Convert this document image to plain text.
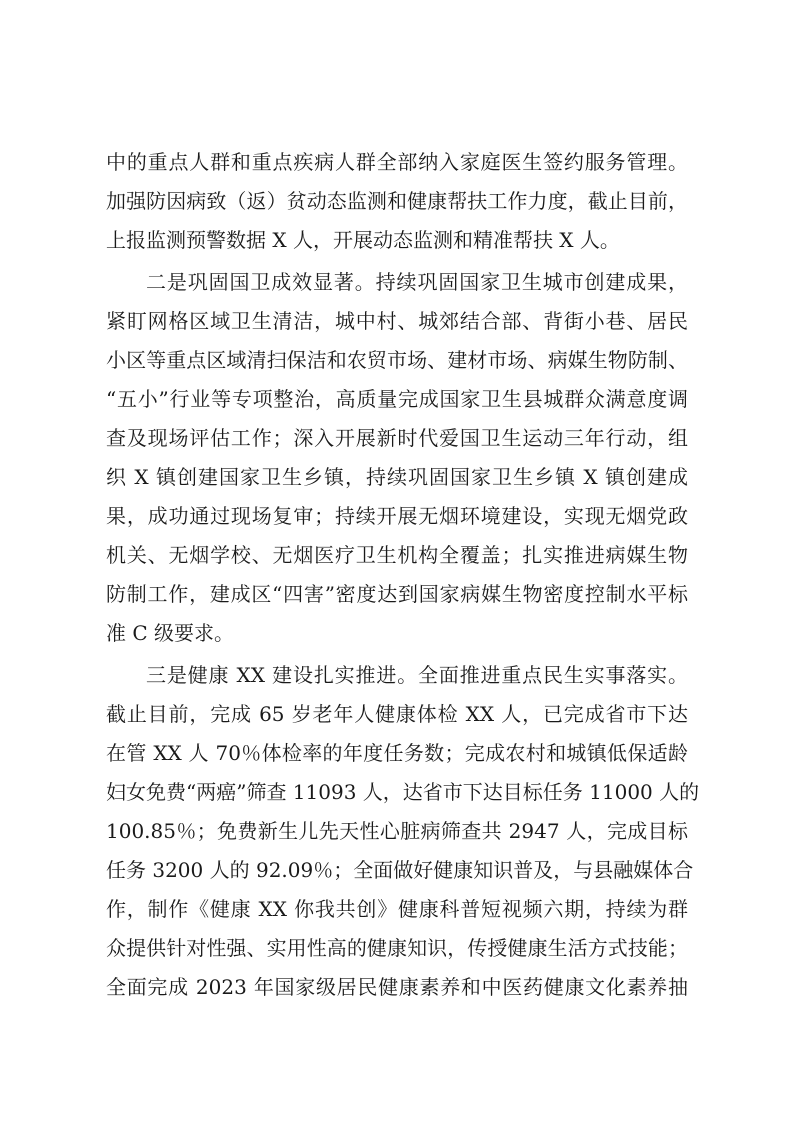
中的重点人群和重点疾病人群全部纳入家庭医生签约服务管理。
加强防因病致（返）贫动态监测和健康帮扶工作力度，截止目前，
上报监测预警数据 X 人，开展动态监测和精准帮扶 X 人。
二是巩固国卫成效显著。持续巩固国家卫生城市创建成果，
紧盯网格区域卫生清洁，城中村、城郊结合部、背街小巷、居民
小区等重点区域清扫保洁和农贸市场、建材市场、病媒生物防制、
“五小”行业等专项整治，高质量完成国家卫生县城群众满意度调
查及现场评估工作；深入开展新时代爱国卫生运动三年行动，组
织 X 镇创建国家卫生乡镇，持续巩固国家卫生乡镇 X 镇创建成
果，成功通过现场复审；持续开展无烟环境建设，实现无烟党政
机关、无烟学校、无烟医疗卫生机构全覆盖；扎实推进病媒生物
防制工作，建成区“四害”密度达到国家病媒生物密度控制水平标
准 C 级要求。
三是健康 XX 建设扎实推进。全面推进重点民生实事落实。
截止目前，完成 65 岁老年人健康体检 XX 人，已完成省市下达
在管 XX 人 70％体检率的年度任务数；完成农村和城镇低保适龄
妇女免费“两癌”筛查 11093 人，达省市下达目标任务 11000 人的
100.85％；免费新生儿先天性心脏病筛查共 2947 人，完成目标
任务 3200 人的 92.09％；全面做好健康知识普及，与县融媒体合
作，制作《健康 XX 你我共创》健康科普短视频六期，持续为群
众提供针对性强、实用性高的健康知识，传授健康生活方式技能；
全面完成 2023 年国家级居民健康素养和中医药健康文化素养抽
